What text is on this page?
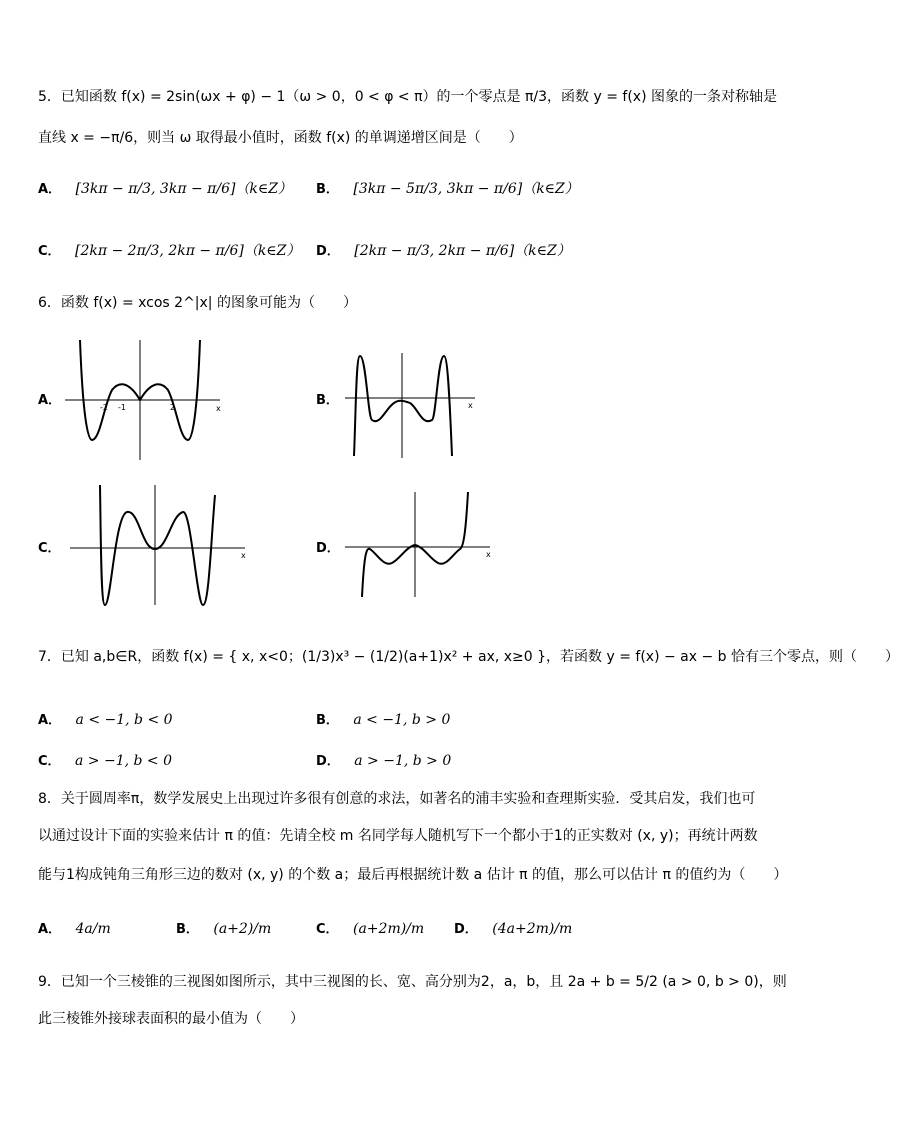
5．已知函数 f(x) = 2sin(ωx + φ) − 1（ω > 0，0 < φ < π）的一个零点是 π/3，函数 y = f(x) 图象的一条对称轴是
直线 x = −π/6，则当 ω 取得最小值时，函数 f(x) 的单调递增区间是（　　）
A． [3kπ − π/3, 3kπ − π/6]（k∈Z） B． [3kπ − 5π/3, 3kπ − π/6]（k∈Z）
C． [2kπ − 2π/3, 2kπ − π/6]（k∈Z） D． [2kπ − π/3, 2kπ − π/6]（k∈Z）
6．函数 f(x) = xcos 2^|x| 的图象可能为（　　）
A．	-2 -1	2	x
B．	x
C．	x	D．	x
7．已知 a,b∈R，函数 f(x) = { x, x<0；(1/3)x³ − (1/2)(a+1)x² + ax, x≥0 }，若函数 y = f(x) − ax − b 恰有三个零点，则（　　）
A． a < −1, b < 0	B． a < −1, b > 0
C． a > −1, b < 0	D． a > −1, b > 0
8．关于圆周率π，数学发展史上出现过许多很有创意的求法，如著名的浦丰实验和查理斯实验．受其启发，我们也可
以通过设计下面的实验来估计 π 的值：先请全校 m 名同学每人随机写下一个都小于1的正实数对 (x, y)；再统计两数
能与1构成钝角三角形三边的数对 (x, y) 的个数 a；最后再根据统计数 a 估计 π 的值，那么可以估计 π 的值约为（　　）
A． 4a/m	B． (a+2)/m	C． (a+2m)/m D． (4a+2m)/m
9．已知一个三棱锥的三视图如图所示，其中三视图的长、宽、高分别为2，a，b，且 2a + b = 5/2 (a > 0, b > 0)，则
此三棱锥外接球表面积的最小值为（　　）
